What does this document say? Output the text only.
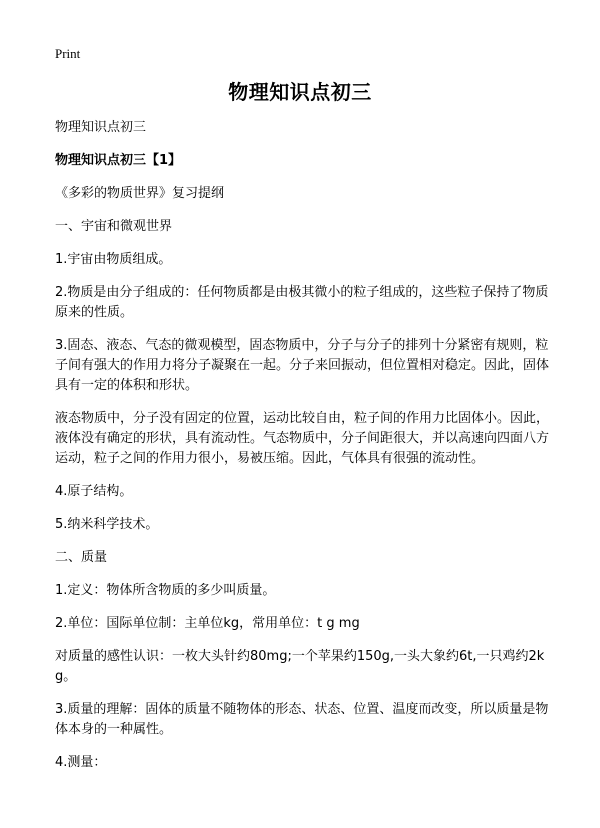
Print
物理知识点初三

物理知识点初三

物理知识点初三【1】

《多彩的物质世界》复习提纲

一、宇宙和微观世界

1.宇宙由物质组成。

2.物质是由分子组成的：任何物质都是由极其微小的粒子组成的，这些粒子保持了物质原来的性质。

3.固态、液态、气态的微观模型，固态物质中，分子与分子的排列十分紧密有规则，粒子间有强大的作用力将分子凝聚在一起。分子来回振动，但位置相对稳定。因此，固体具有一定的体积和形状。

液态物质中，分子没有固定的位置，运动比较自由，粒子间的作用力比固体小。因此，液体没有确定的形状，具有流动性。气态物质中，分子间距很大，并以高速向四面八方运动，粒子之间的作用力很小，易被压缩。因此，气体具有很强的流动性。

4.原子结构。

5.纳米科学技术。

二、质量

1.定义：物体所含物质的多少叫质量。

2.单位：国际单位制：主单位kg，常用单位：t g mg

对质量的感性认识：一枚大头针约80mg;一个苹果约150g,一头大象约6t,一只鸡约2kg。

3.质量的理解：固体的质量不随物体的形态、状态、位置、温度而改变，所以质量是物体本身的一种属性。

4.测量：
